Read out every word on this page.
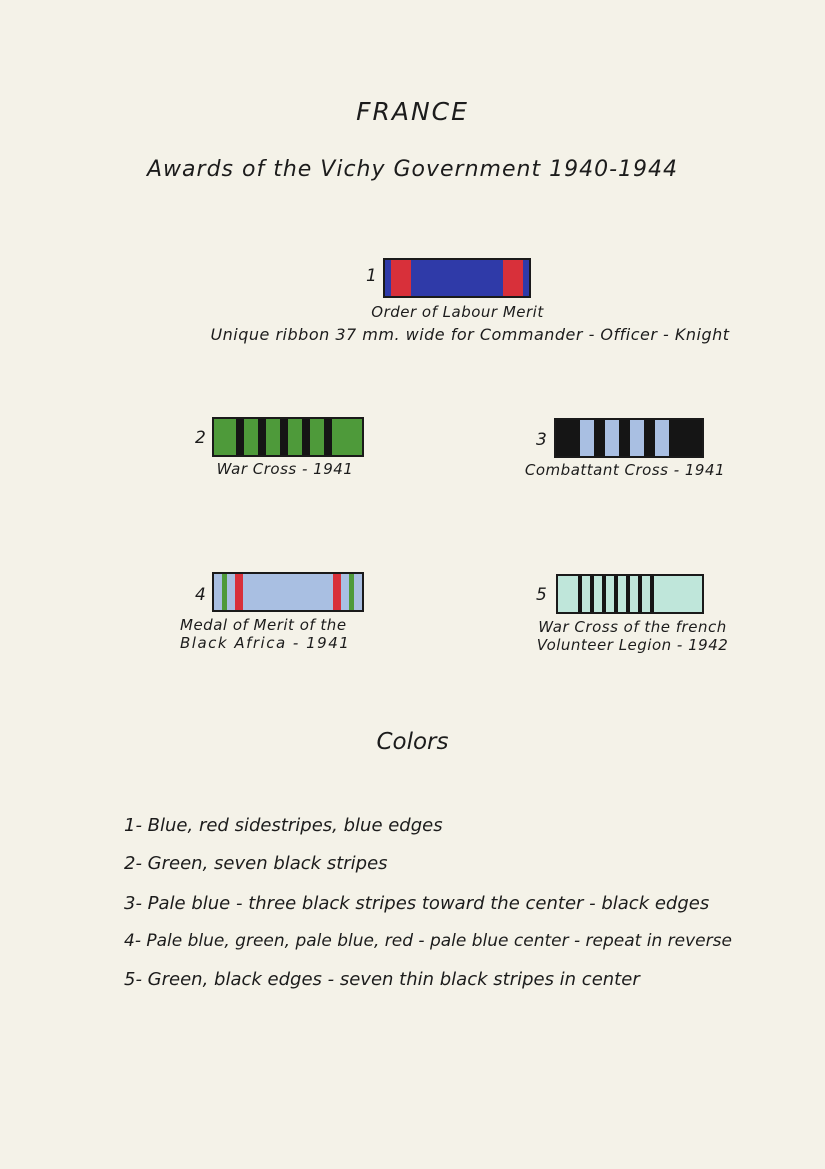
FRANCE
Awards of the Vichy Government 1940-1944
1
Order of Labour Merit
Unique ribbon 37 mm. wide for Commander - Officer - Knight
2
War Cross - 1941
3
Combattant Cross - 1941
4
Medal of Merit of the
Black Africa - 1941
5
War Cross of the french
Volunteer Legion - 1942
Colors
1- Blue, red sidestripes, blue edges
2- Green, seven black stripes
3- Pale blue - three black stripes toward the center - black edges
4- Pale blue, green, pale blue, red - pale blue center - repeat in reverse
5- Green, black edges - seven thin black stripes in center
